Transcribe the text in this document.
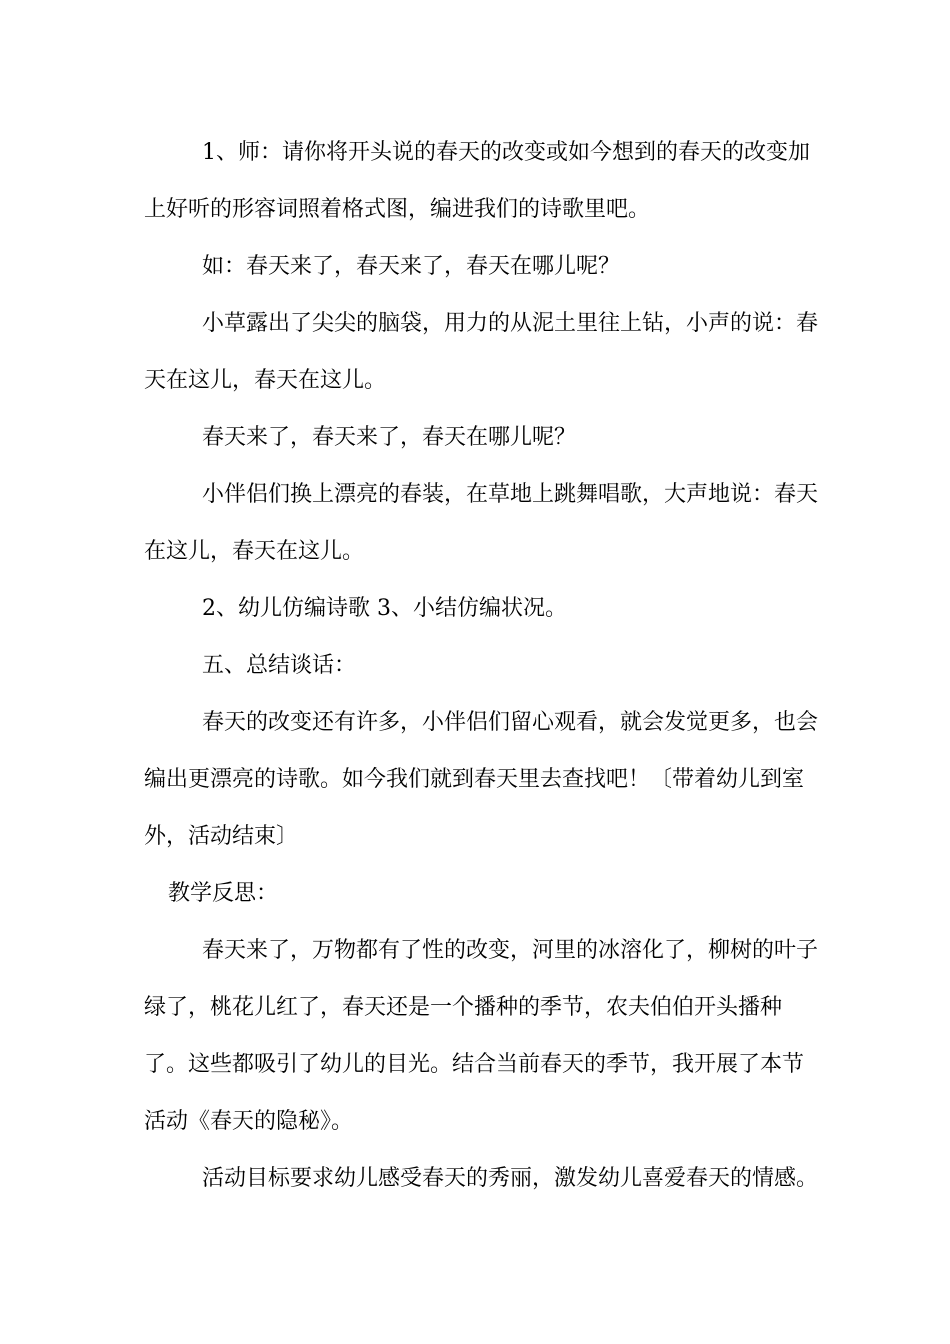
1、师：请你将开头说的春天的改变或如今想到的春天的改变加上好听的形容词照着格式图，编进我们的诗歌里吧。

如：春天来了，春天来了，春天在哪儿呢？

小草露出了尖尖的脑袋，用力的从泥土里往上钻，小声的说：春天在这儿，春天在这儿。

春天来了，春天来了，春天在哪儿呢？

小伴侣们换上漂亮的春装，在草地上跳舞唱歌，大声地说：春天在这儿，春天在这儿。

2、幼儿仿编诗歌 3、小结仿编状况。

五、总结谈话：

春天的改变还有许多，小伴侣们留心观看，就会发觉更多，也会编出更漂亮的诗歌。如今我们就到春天里去查找吧！〔带着幼儿到室外，活动结束〕

教学反思：

春天来了，万物都有了性的改变，河里的冰溶化了，柳树的叶子绿了，桃花儿红了，春天还是一个播种的季节，农夫伯伯开头播种了。这些都吸引了幼儿的目光。结合当前春天的季节，我开展了本节活动《春天的隐秘》。

活动目标要求幼儿感受春天的秀丽，激发幼儿喜爱春天的情感。
